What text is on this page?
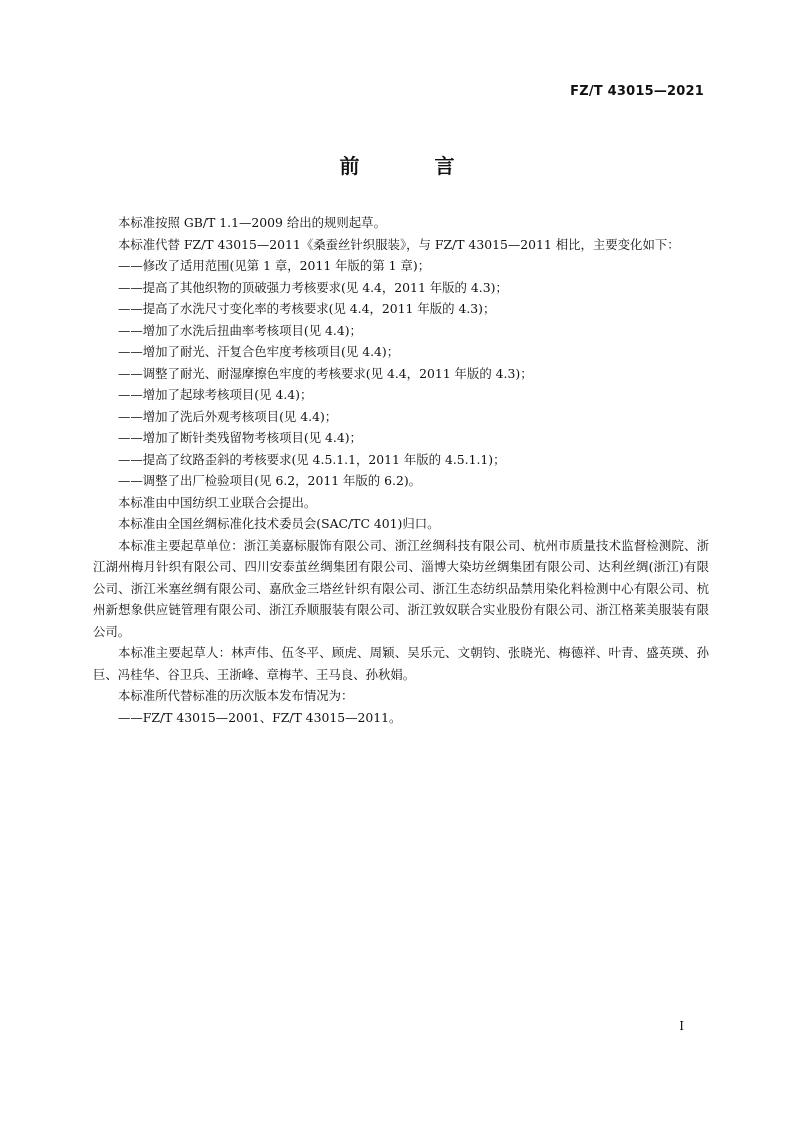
FZ/T 43015—2021
前 言

本标准按照 GB/T 1.1—2009 给出的规则起草。

本标准代替 FZ/T 43015—2011《桑蚕丝针织服装》，与 FZ/T 43015—2011 相比，主要变化如下：

——修改了适用范围(见第 1 章，2011 年版的第 1 章)；

——提高了其他织物的顶破强力考核要求(见 4.4，2011 年版的 4.3)；

——提高了水洗尺寸变化率的考核要求(见 4.4，2011 年版的 4.3)；

——增加了水洗后扭曲率考核项目(见 4.4)；

——增加了耐光、汗复合色牢度考核项目(见 4.4)；

——调整了耐光、耐湿摩擦色牢度的考核要求(见 4.4，2011 年版的 4.3)；

——增加了起球考核项目(见 4.4)；

——增加了洗后外观考核项目(见 4.4)；

——增加了断针类残留物考核项目(见 4.4)；

——提高了纹路歪斜的考核要求(见 4.5.1.1，2011 年版的 4.5.1.1)；

——调整了出厂检验项目(见 6.2，2011 年版的 6.2)。

本标准由中国纺织工业联合会提出。

本标准由全国丝绸标准化技术委员会(SAC/TC 401)归口。

本标准主要起草单位：浙江美嘉标服饰有限公司、浙江丝绸科技有限公司、杭州市质量技术监督检测院、浙江湖州梅月针织有限公司、四川安泰茧丝绸集团有限公司、淄博大染坊丝绸集团有限公司、达利丝绸(浙江)有限公司、浙江米塞丝绸有限公司、嘉欣金三塔丝针织有限公司、浙江生态纺织品禁用染化料检测中心有限公司、杭州新想象供应链管理有限公司、浙江乔顺服装有限公司、浙江敦奴联合实业股份有限公司、浙江格莱美服装有限公司。

本标准主要起草人：林声伟、伍冬平、顾虎、周颖、吴乐元、文朝钧、张晓光、梅德祥、叶青、盛英瑛、孙巨、冯桂华、谷卫兵、王浙峰、章梅芊、王马良、孙秋娟。

本标准所代替标准的历次版本发布情况为：

——FZ/T 43015—2001、FZ/T 43015—2011。

I
